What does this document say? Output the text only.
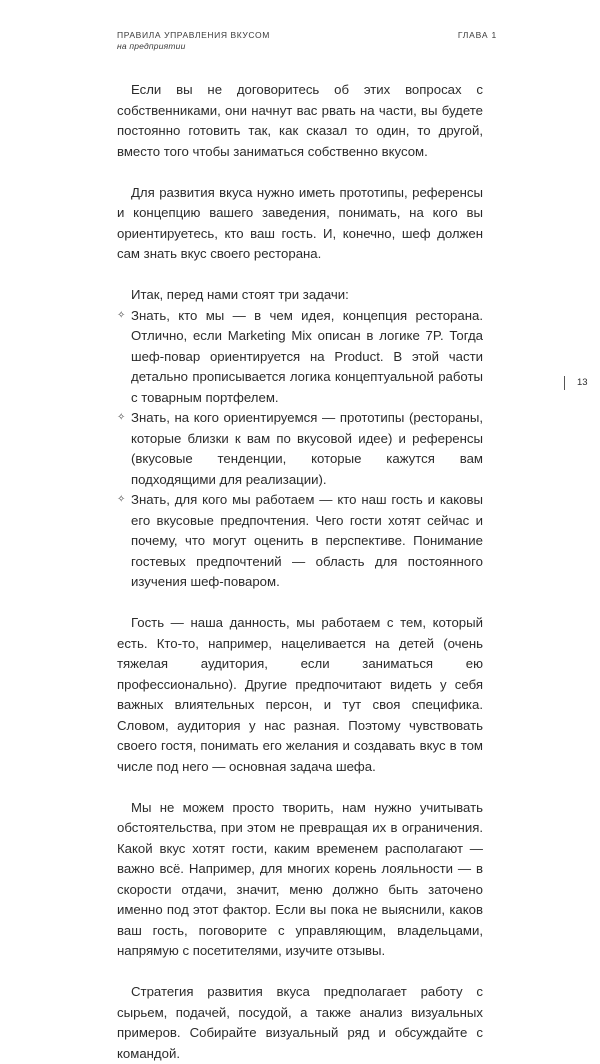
ПРАВИЛА УПРАВЛЕНИЯ ВКУСОМ
на предприятии
ГЛАВА 1
13

Если вы не договоритесь об этих вопросах с собственниками, они начнут вас рвать на части, вы будете постоянно готовить так, как сказал то один, то другой, вместо того чтобы заниматься собственно вкусом.

Для развития вкуса нужно иметь прототипы, референсы и концепцию вашего заведения, понимать, на кого вы ориентируетесь, кто ваш гость. И, конечно, шеф должен сам знать вкус своего ресторана.

Итак, перед нами стоят три задачи:

✧ Знать, кто мы — в чем идея, концепция ресторана. Отлично, если Marketing Mix описан в логике 7P. Тогда шеф-повар ориентируется на Product. В этой части детально прописывается логика концептуальной работы с товарным портфелем.
✧ Знать, на кого ориентируемся — прототипы (рестораны, которые близки к вам по вкусовой идее) и референсы (вкусовые тенденции, которые кажутся вам подходящими для реализации).
✧ Знать, для кого мы работаем — кто наш гость и каковы его вкусовые предпочтения. Чего гости хотят сейчас и почему, что могут оценить в перспективе. Понимание гостевых предпочтений — область для постоянного изучения шеф-поваром.

Гость — наша данность, мы работаем с тем, который есть. Кто-то, например, нацеливается на детей (очень тяжелая аудитория, если заниматься ею профессионально). Другие предпочитают видеть у себя важных влиятельных персон, и тут своя специфика. Словом, аудитория у нас разная. Поэтому чувствовать своего гостя, понимать его желания и создавать вкус в том числе под него — основная задача шефа.

Мы не можем просто творить, нам нужно учитывать обстоятельства, при этом не превращая их в ограничения. Какой вкус хотят гости, каким временем располагают — важно всё. Например, для многих корень лояльности — в скорости отдачи, значит, меню должно быть заточено именно под этот фактор. Если вы пока не выяснили, каков ваш гость, поговорите с управляющим, владельцами, напрямую с посетителями, изучите отзывы.

Стратегия развития вкуса предполагает работу с сырьем, подачей, посудой, а также анализ визуальных примеров. Собирайте визуальный ряд и обсуждайте с командой.
